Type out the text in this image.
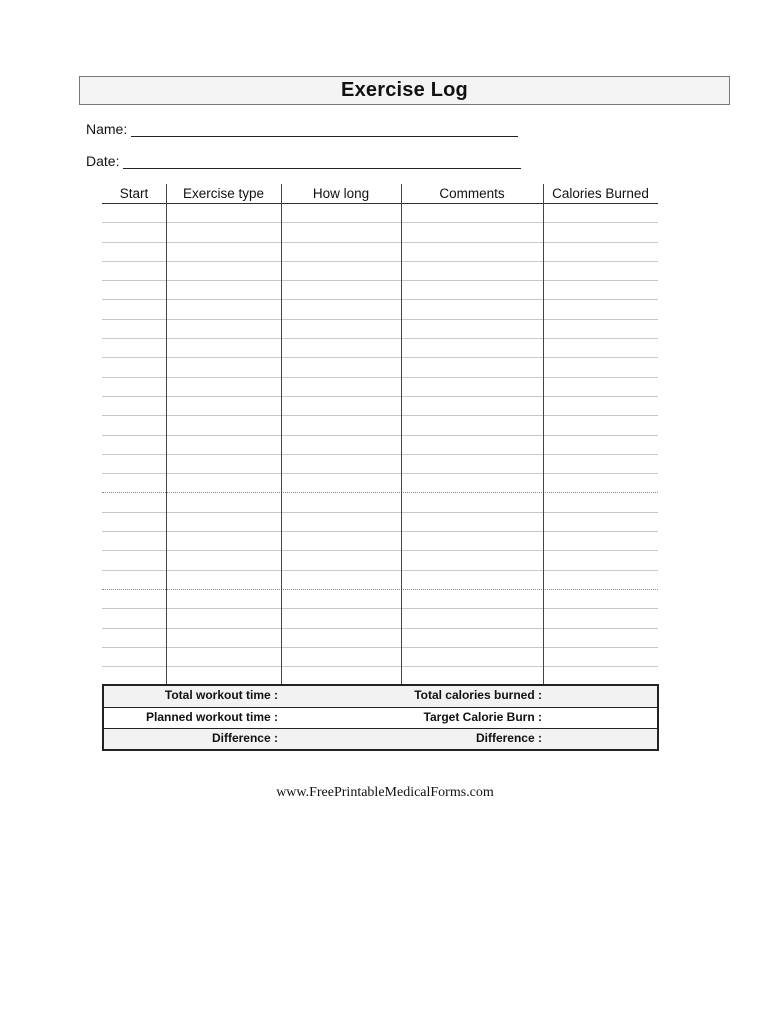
Exercise Log
Name:
Date:
Start	Exercise type	How long	Comments	Calories Burned
Total workout time :	Total calories burned :
Planned workout time :	Target Calorie Burn :
Difference :	Difference :
www.FreePrintableMedicalForms.com
